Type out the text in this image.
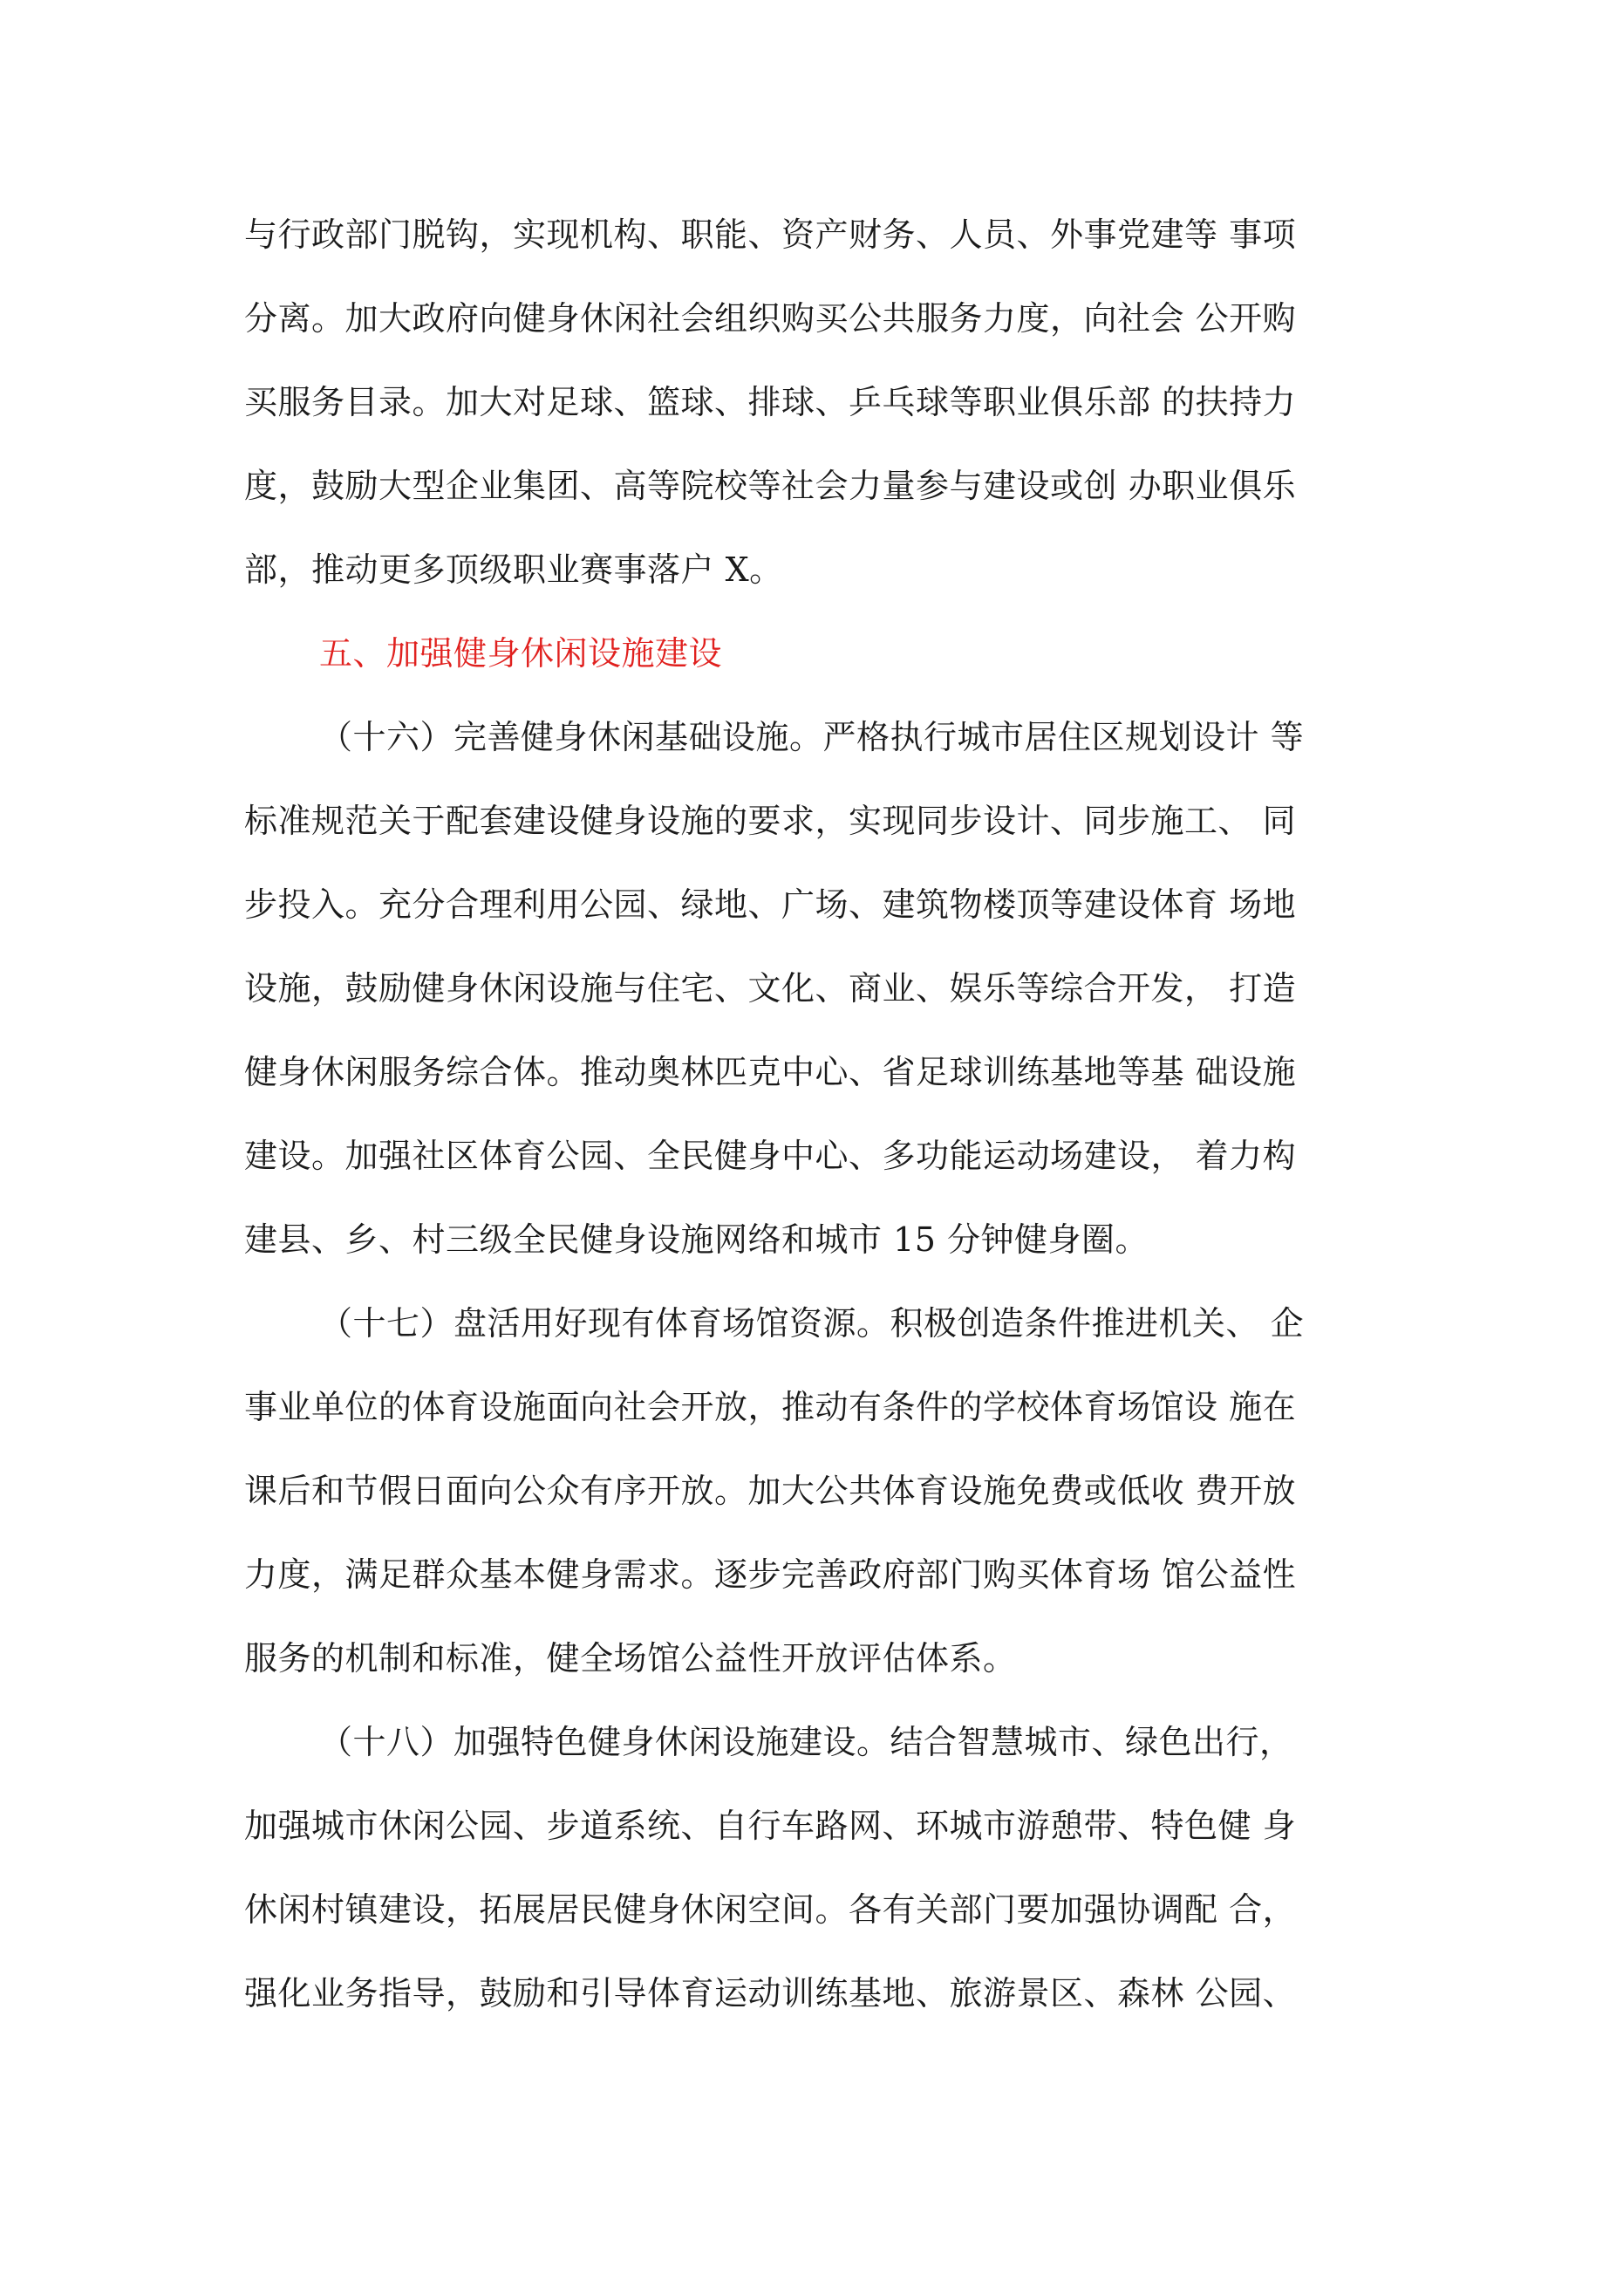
与行政部门脱钩，实现机构、职能、资产财务、人员、外事党建等 事项
分离。加大政府向健身休闲社会组织购买公共服务力度，向社会 公开购
买服务目录。加大对足球、篮球、排球、乒乓球等职业俱乐部 的扶持力
度，鼓励大型企业集团、高等院校等社会力量参与建设或创 办职业俱乐
部，推动更多顶级职业赛事落户 X。
五、加强健身休闲设施建设
（十六）完善健身休闲基础设施。严格执行城市居住区规划设计 等
标准规范关于配套建设健身设施的要求，实现同步设计、同步施工、 同
步投入。充分合理利用公园、绿地、广场、建筑物楼顶等建设体育 场地
设施，鼓励健身休闲设施与住宅、文化、商业、娱乐等综合开发， 打造
健身休闲服务综合体。推动奥林匹克中心、省足球训练基地等基 础设施
建设。加强社区体育公园、全民健身中心、多功能运动场建设， 着力构
建县、乡、村三级全民健身设施网络和城市 15 分钟健身圈。
（十七）盘活用好现有体育场馆资源。积极创造条件推进机关、 企
事业单位的体育设施面向社会开放，推动有条件的学校体育场馆设 施在
课后和节假日面向公众有序开放。加大公共体育设施免费或低收 费开放
力度，满足群众基本健身需求。逐步完善政府部门购买体育场 馆公益性
服务的机制和标准，健全场馆公益性开放评估体系。
（十八）加强特色健身休闲设施建设。结合智慧城市、绿色出行，
加强城市休闲公园、步道系统、自行车路网、环城市游憩带、特色健 身
休闲村镇建设，拓展居民健身休闲空间。各有关部门要加强协调配 合，
强化业务指导，鼓励和引导体育运动训练基地、旅游景区、森林 公园、
